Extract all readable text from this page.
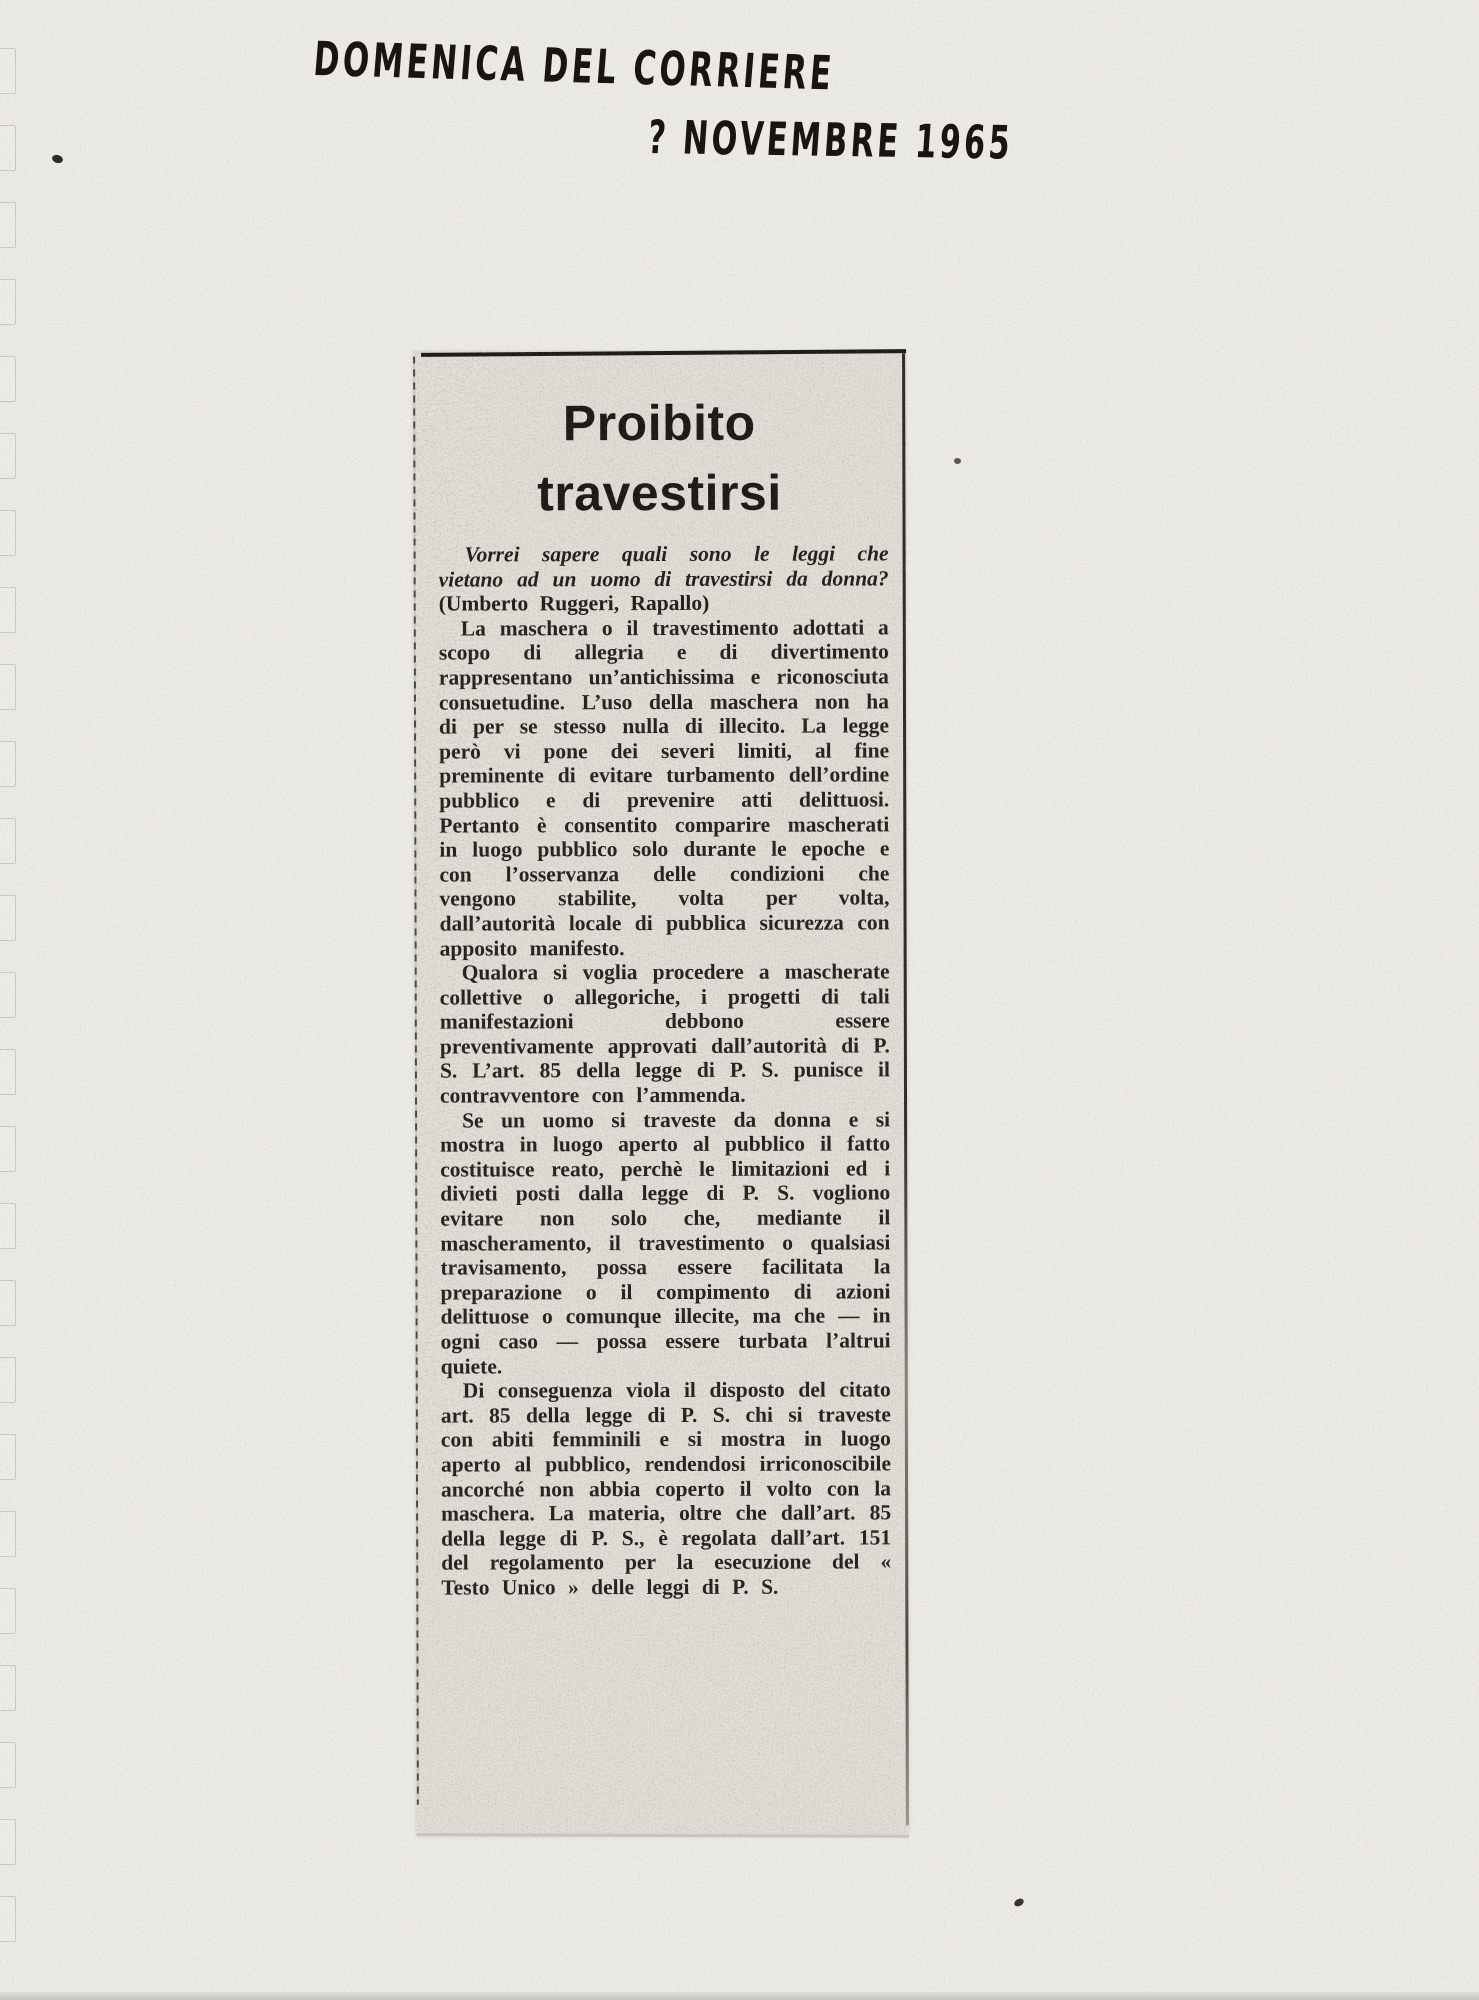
DOMENICA DEL CORRIERE
? NOVEMBRE 1965
Proibito
travestirsi

Vorrei sapere quali sono le leggi che vietano ad un uomo di travestirsi da donna? (Umberto Ruggeri, Rapallo)

La maschera o il travestimento adottati a scopo di allegria e di divertimento rappresentano un’antichissima e riconosciuta consuetudine. L’uso della maschera non ha di per se stesso nulla di illecito. La legge però vi pone dei severi limiti, al fine preminente di evitare turbamento dell’ordine pubblico e di prevenire atti delittuosi. Pertanto è consentito comparire mascherati in luogo pubblico solo durante le epoche e con l’osservanza delle condizioni che vengono stabilite, volta per volta, dall’autorità locale di pubblica sicurezza con apposito manifesto.

Qualora si voglia procedere a mascherate collettive o allegoriche, i progetti di tali manifestazioni debbono essere preventivamente approvati dall’autorità di P. S. L’art. 85 della legge di P. S. punisce il contravventore con l’ammenda.

Se un uomo si traveste da donna e si mostra in luogo aperto al pubblico il fatto costituisce reato, perchè le limitazioni ed i divieti posti dalla legge di P. S. vogliono evitare non solo che, mediante il mascheramento, il travestimento o qualsiasi travisamento, possa essere facilitata la preparazione o il compimento di azioni delittuose o comunque illecite, ma che — in ogni caso — possa essere turbata l’altrui quiete.

Di conseguenza viola il disposto del citato art. 85 della legge di P. S. chi si traveste con abiti femminili e si mostra in luogo aperto al pubblico, rendendosi irriconoscibile ancorché non abbia coperto il volto con la maschera. La materia, oltre che dall’art. 85 della legge di P. S., è regolata dall’art. 151 del regolamento per la esecuzione del « Testo Unico » delle leggi di P. S.
